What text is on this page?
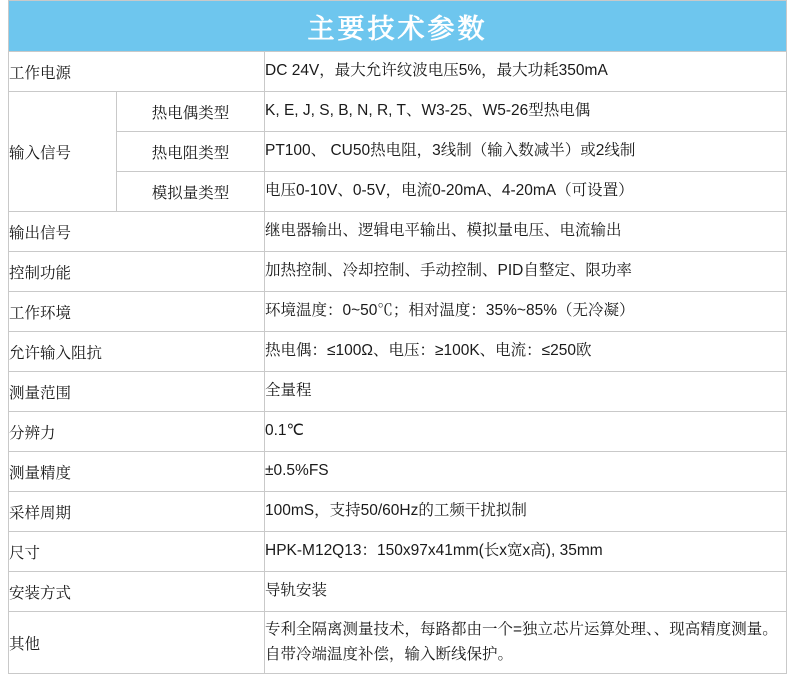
主要技术参数		
工作电源		DC 24V，最大允许纹波电压5%，最大功耗350mA
输入信号	热电偶类型	K, E, J, S, B, N, R, T、W3-25、W5-26型热电偶
	热电阻类型	PT100、 CU50热电阻，3线制（输入数减半）或2线制
	模拟量类型	电压0-10V、0-5V，电流0-20mA、4-20mA（可设置）
输出信号		继电器输出、逻辑电平输出、模拟量电压、电流输出
控制功能		加热控制、冷却控制、手动控制、PID自整定、限功率
工作环境		环境温度：0~50℃；相对温度：35%~85%（无冷凝）
允许输入阻抗		热电偶：≤100Ω、电压：≥100K、电流：≤250欧
测量范围		全量程
分辨力		0.1℃
测量精度		±0.5%FS
采样周期		100mS，支持50/60Hz的工频干扰拟制
尺寸		HPK-M12Q13：150x97x41mm(长x宽x高), 35mm
安装方式		导轨安装
其他		专利全隔离测量技术，每路都由一个=独立芯片运算处理、、现高精度测量。自带冷端温度补偿，输入断线保护。
